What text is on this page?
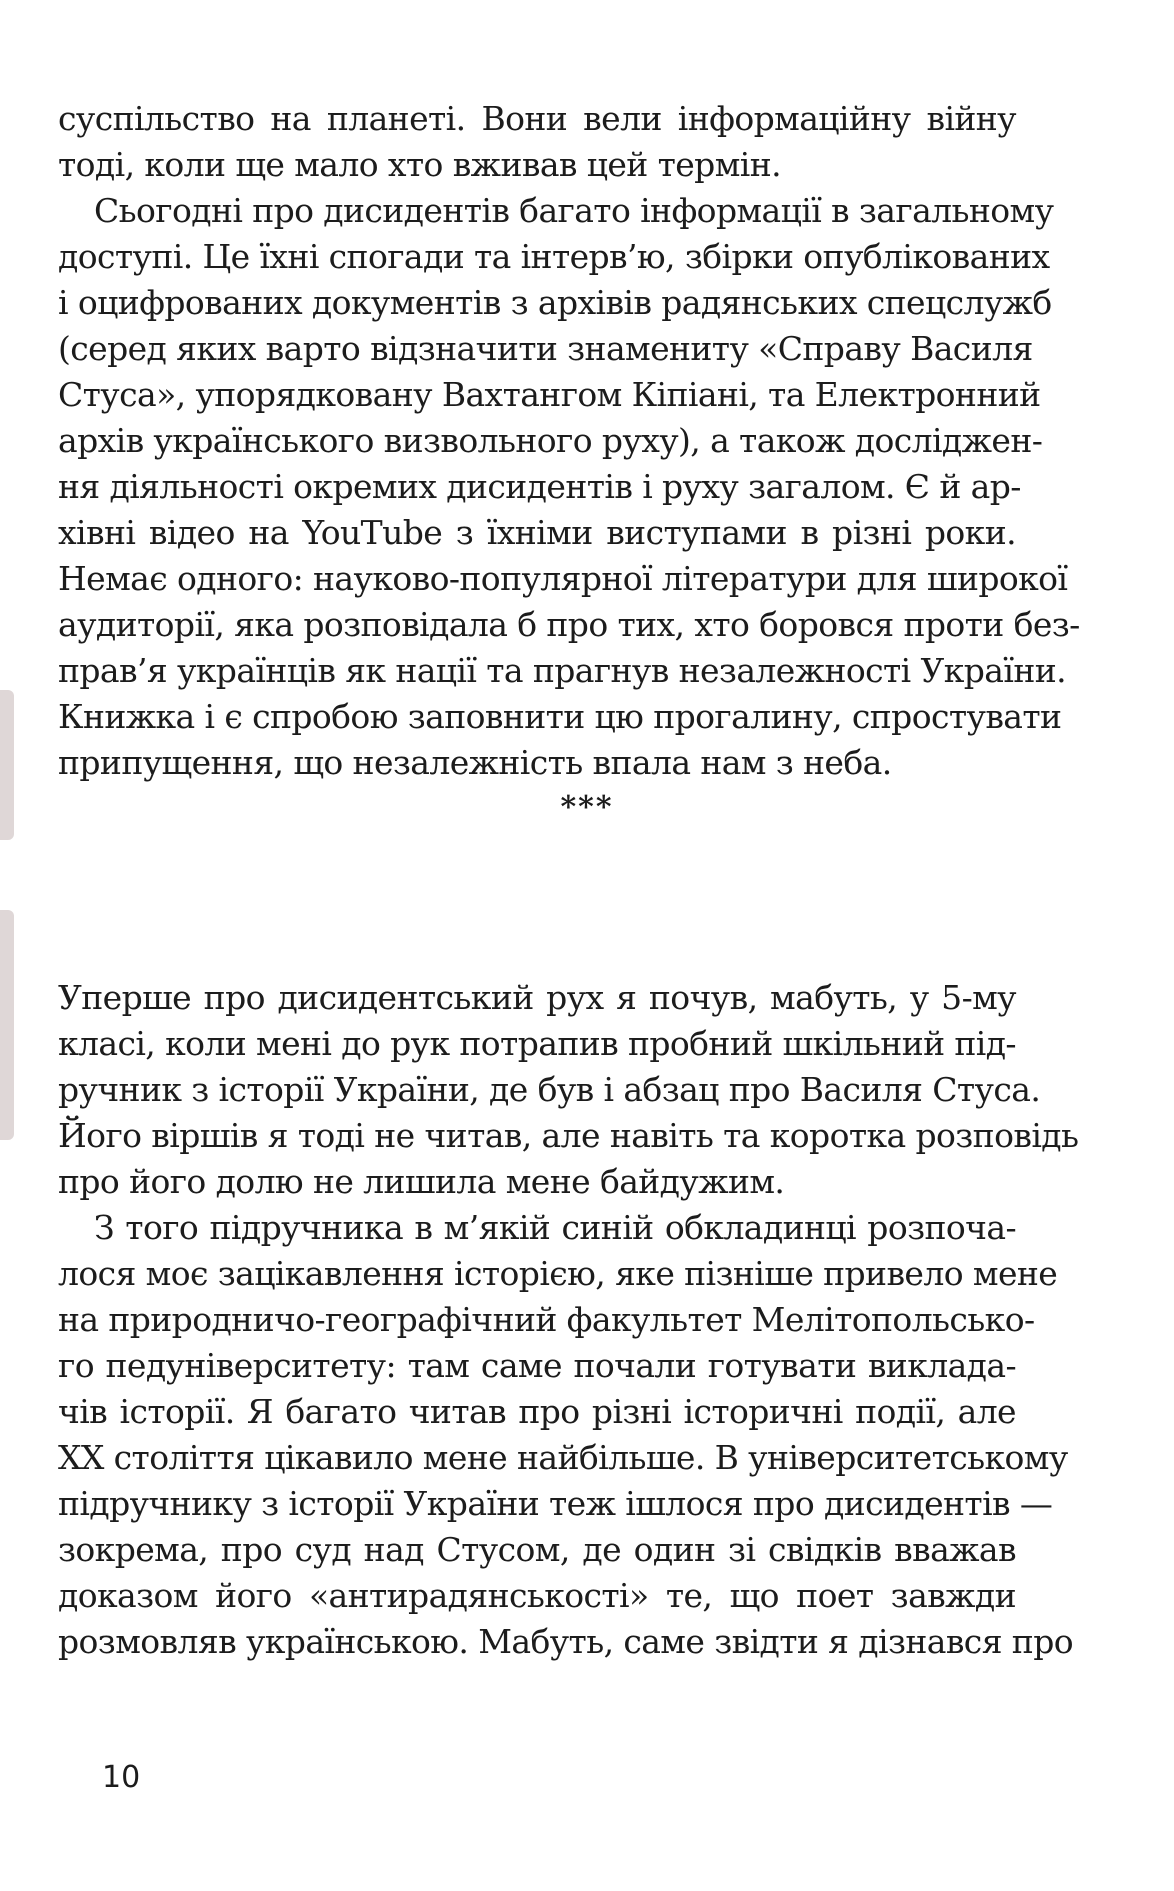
суспільство на планеті. Вони вели інформаційну війну
тоді, коли ще мало хто вживав цей термін.
Сьогодні про дисидентів багато інформації в загальному
доступі. Це їхні спогади та інтерв’ю, збірки опублікованих
і оцифрованих документів з архівів радянських спецслужб
(серед яких варто відзначити знамениту «Справу Василя
Стуса», упорядковану Вахтангом Кіпіані, та Електронний
архів українського визвольного руху), а також досліджен-
ня діяльності окремих дисидентів і руху загалом. Є й ар-
хівні відео на YouTube з їхніми виступами в різні роки.
Немає одного: науково-популярної літератури для широкої
аудиторії, яка розповідала б про тих, хто боровся проти без-
прав’я українців як нації та прагнув незалежності України.
Книжка і є спробою заповнити цю прогалину, спростувати
припущення, що незалежність впала нам з неба.
***
Уперше про дисидентський рух я почув, мабуть, у 5-му
класі, коли мені до рук потрапив пробний шкільний під-
ручник з історії України, де був і абзац про Василя Стуса.
Його віршів я тоді не читав, але навіть та коротка розповідь
про його долю не лишила мене байдужим.
З того підручника в м’якій синій обкладинці розпоча-
лося моє зацікавлення історією, яке пізніше привело мене
на природничо-географічний факультет Мелітопольсько-
го педуніверситету: там саме почали готувати виклада-
чів історії. Я багато читав про різні історичні події, але
XX століття цікавило мене найбільше. В університетському
підручнику з історії України теж ішлося про дисидентів —
зокрема, про суд над Стусом, де один зі свідків вважав
доказом його «антирадянськості» те, що поет завжди
розмовляв українською. Мабуть, саме звідти я дізнався про
10
